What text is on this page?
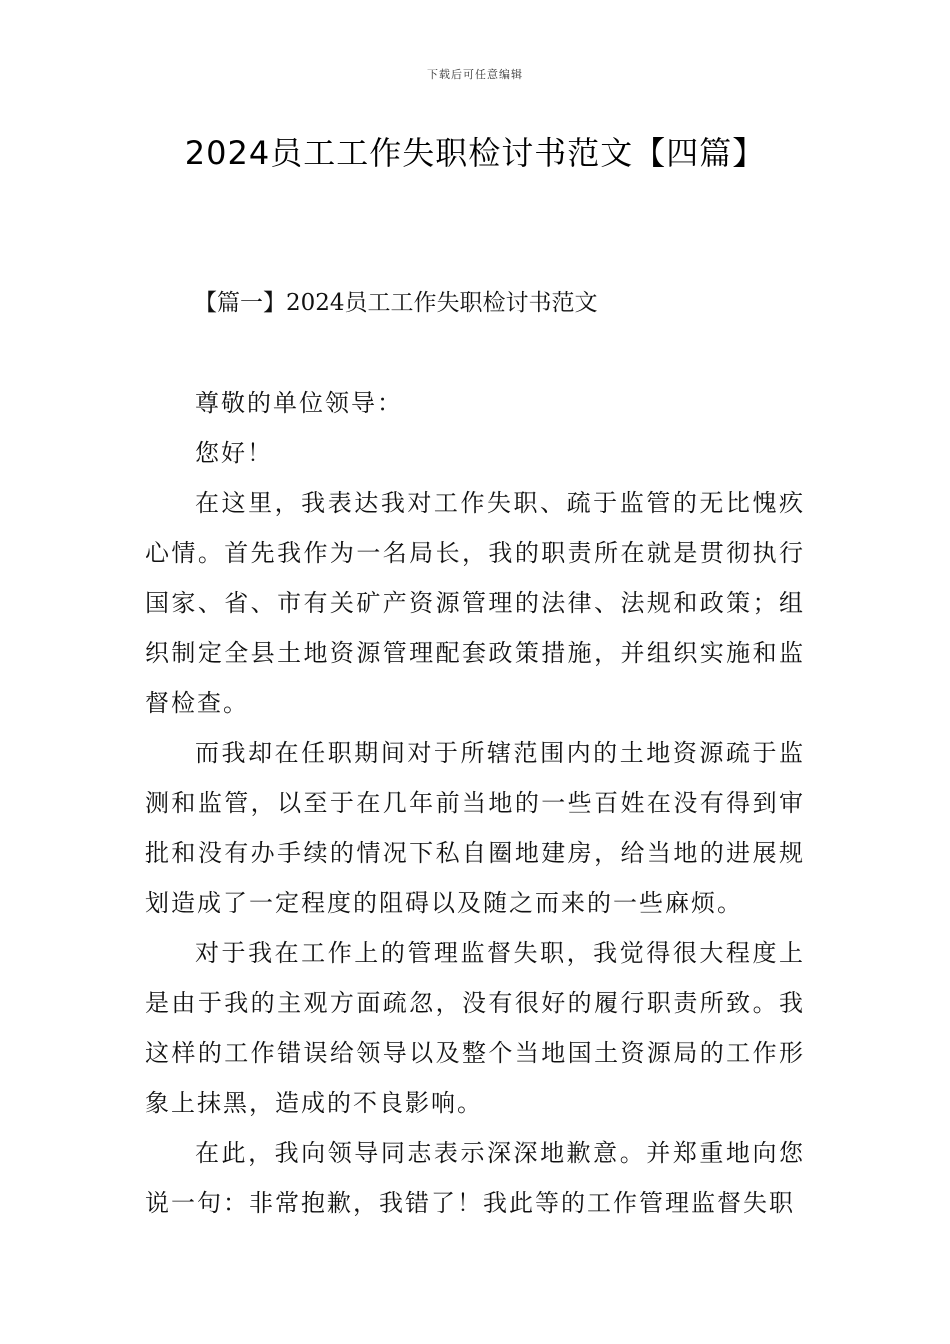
下载后可任意编辑
2024员工工作失职检讨书范文【四篇】
【篇一】2024员工工作失职检讨书范文

尊敬的单位领导：

您好！

在这里，我表达我对工作失职、疏于监管的无比愧疚心情。首先我作为一名局长，我的职责所在就是贯彻执行国家、省、市有关矿产资源管理的法律、法规和政策；组织制定全县土地资源管理配套政策措施，并组织实施和监督检查。

而我却在任职期间对于所辖范围内的土地资源疏于监测和监管，以至于在几年前当地的一些百姓在没有得到审批和没有办手续的情况下私自圈地建房，给当地的进展规划造成了一定程度的阻碍以及随之而来的一些麻烦。

对于我在工作上的管理监督失职，我觉得很大程度上是由于我的主观方面疏忽，没有很好的履行职责所致。我这样的工作错误给领导以及整个当地国土资源局的工作形象上抹黑，造成的不良影响。

在此，我向领导同志表示深深地歉意。并郑重地向您说一句：非常抱歉，我错了！我此等的工作管理监督失职
